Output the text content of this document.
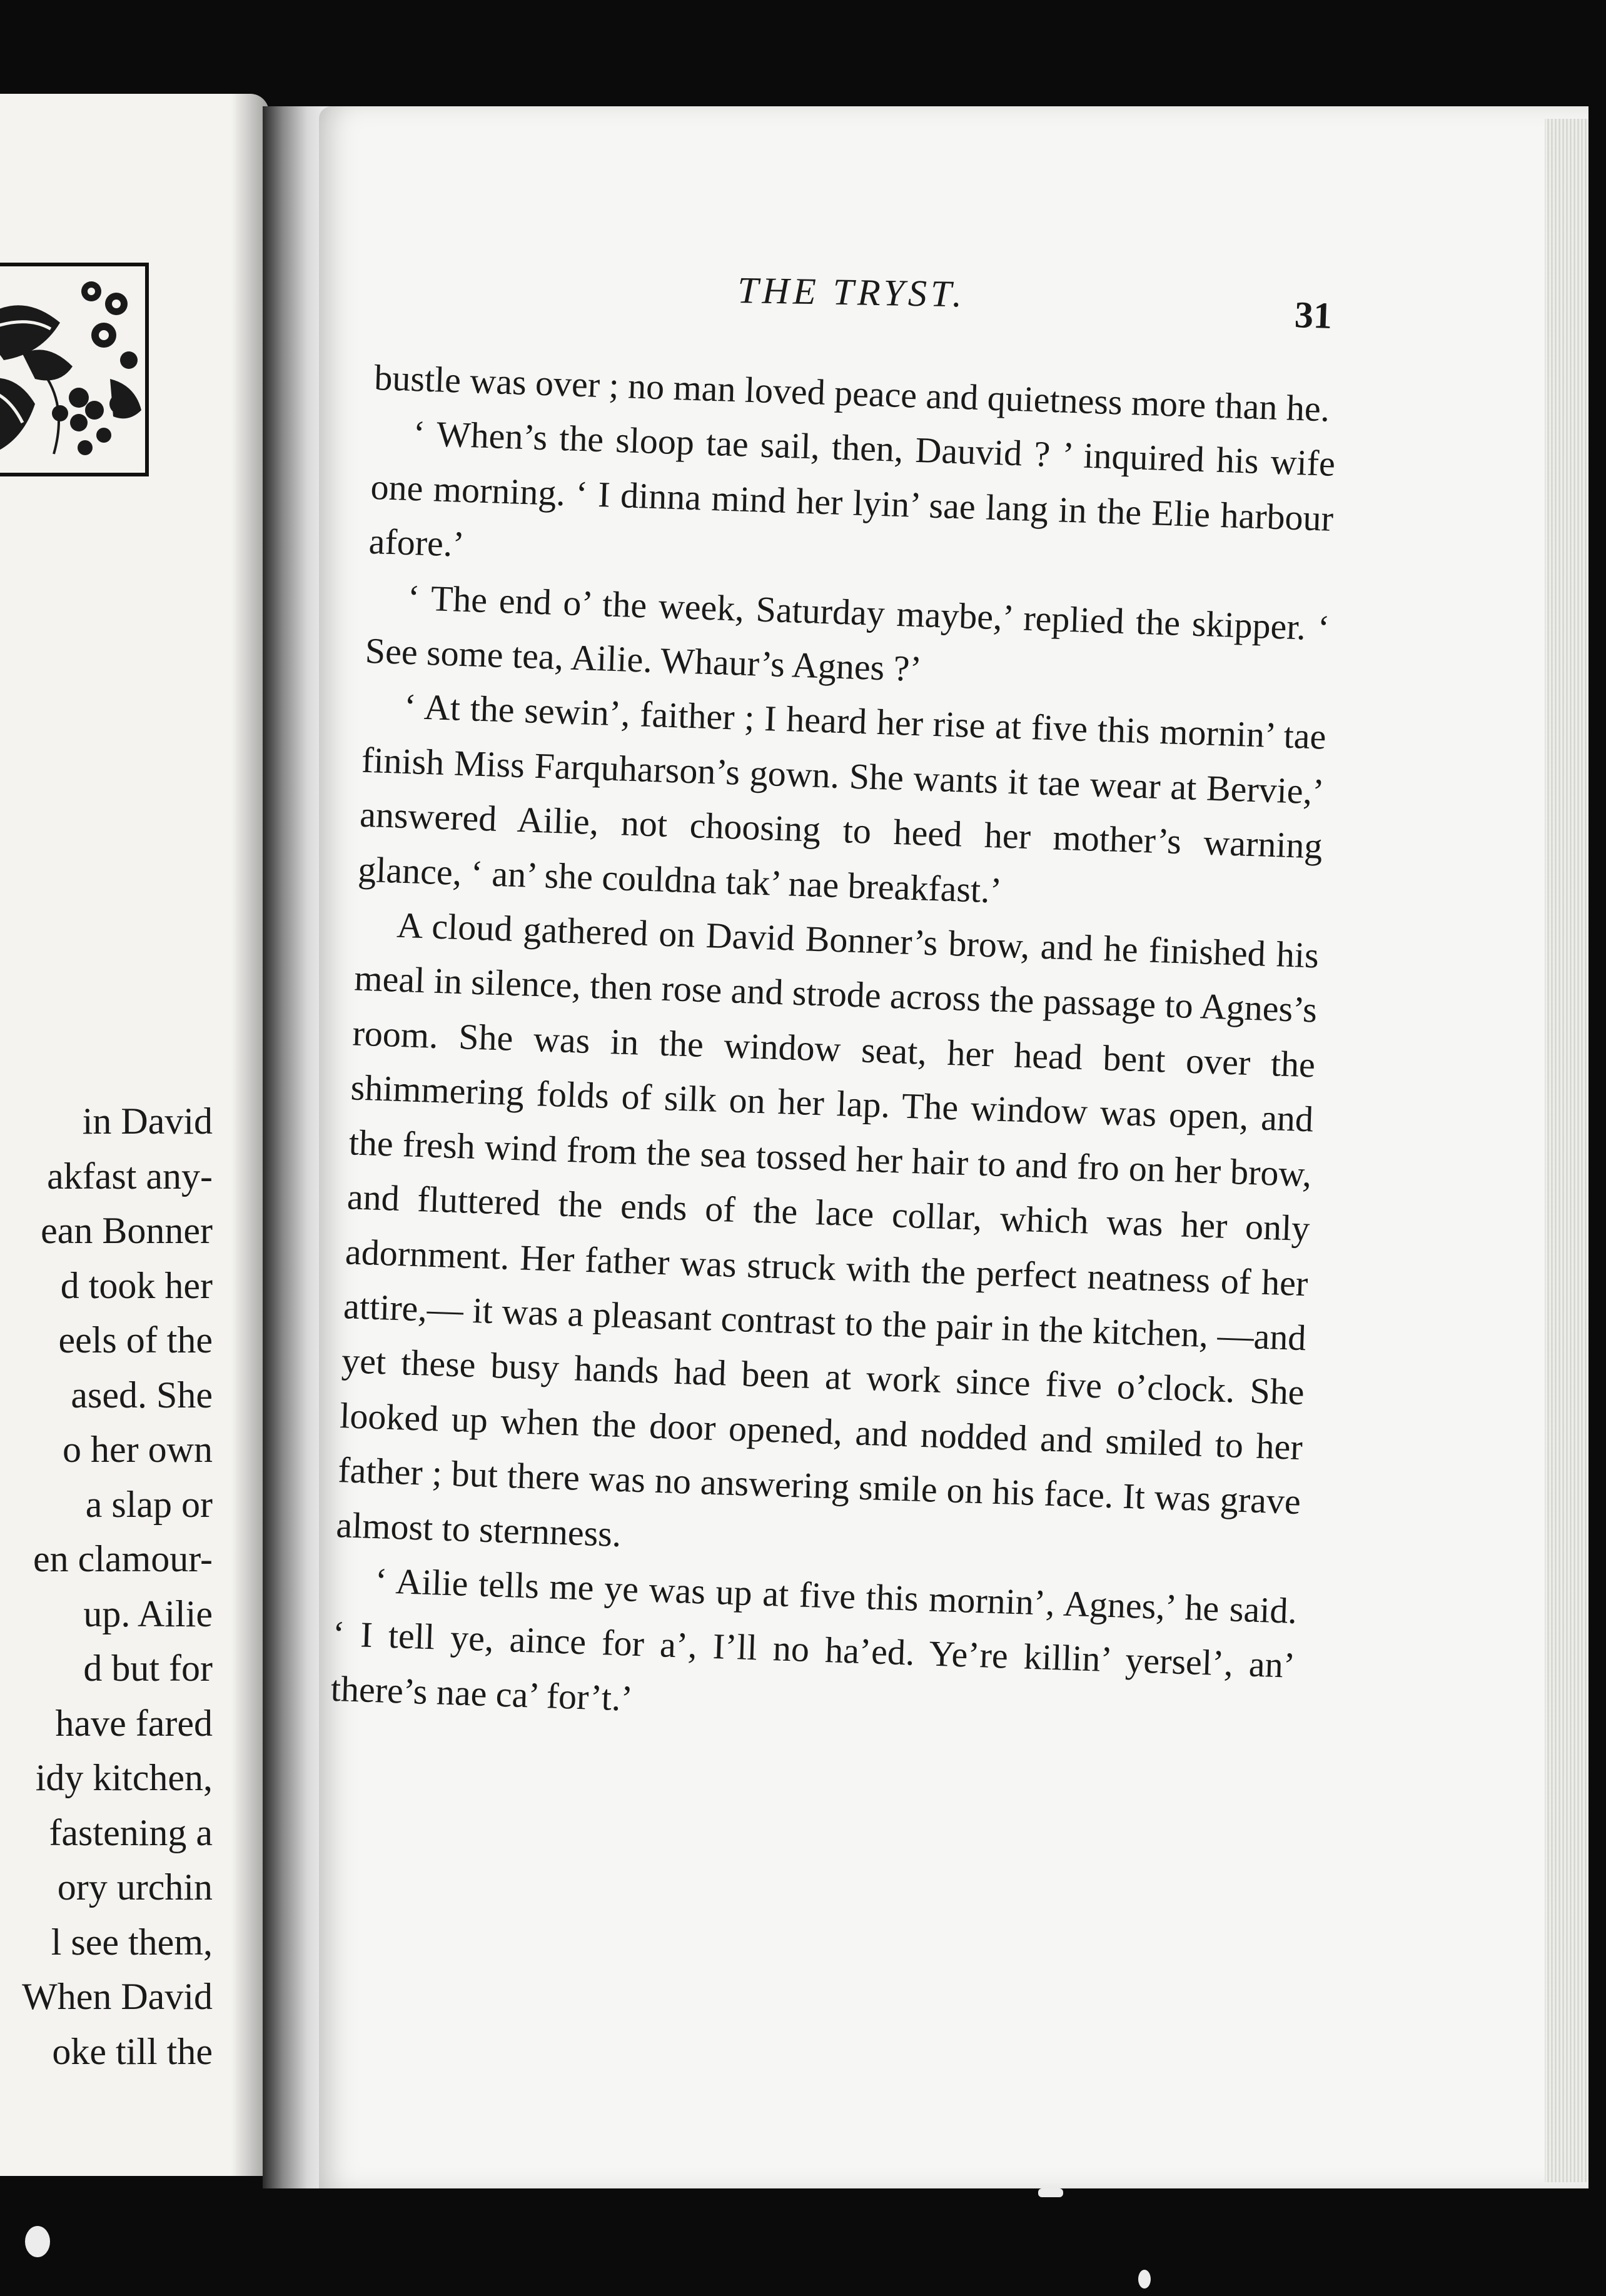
in David
akfast any-
ean Bonner
d took her
eels of the
ased. She
o her own
a slap or
en clamour-
up. Ailie
d but for
have fared
idy kitchen,
fastening a
ory urchin
l see them,
When David
oke till the
THE TRYST.
31

bustle was over ; no man loved peace and quietness more than he.

‘ When’s the sloop tae sail, then, Dauvid ? ’ inquired his wife one morning. ‘ I dinna mind her lyin’ sae lang in the Elie harbour afore.’

‘ The end o’ the week, Saturday maybe,’ replied the skipper. ‘ See some tea, Ailie. Whaur’s Agnes ?’

‘ At the sewin’, faither ; I heard her rise at five this mornin’ tae finish Miss Farquharson’s gown. She wants it tae wear at Bervie,’ answered Ailie, not choosing to heed her mother’s warning glance, ‘ an’ she couldna tak’ nae breakfast.’

A cloud gathered on David Bonner’s brow, and he finished his meal in silence, then rose and strode across the passage to Agnes’s room. She was in the window seat, her head bent over the shimmering folds of silk on her lap. The window was open, and the fresh wind from the sea tossed her hair to and fro on her brow, and fluttered the ends of the lace collar, which was her only adornment. Her father was struck with the perfect neatness of her attire,— it was a pleasant contrast to the pair in the kitchen, —and yet these busy hands had been at work since five o’clock. She looked up when the door opened, and nodded and smiled to her father ; but there was no answering smile on his face. It was grave almost to sternness.

‘ Ailie tells me ye was up at five this mornin’, Agnes,’ he said. ‘ I tell ye, aince for a’, I’ll no ha’ed. Ye’re killin’ yersel’, an’ there’s nae ca’ for’t.’
